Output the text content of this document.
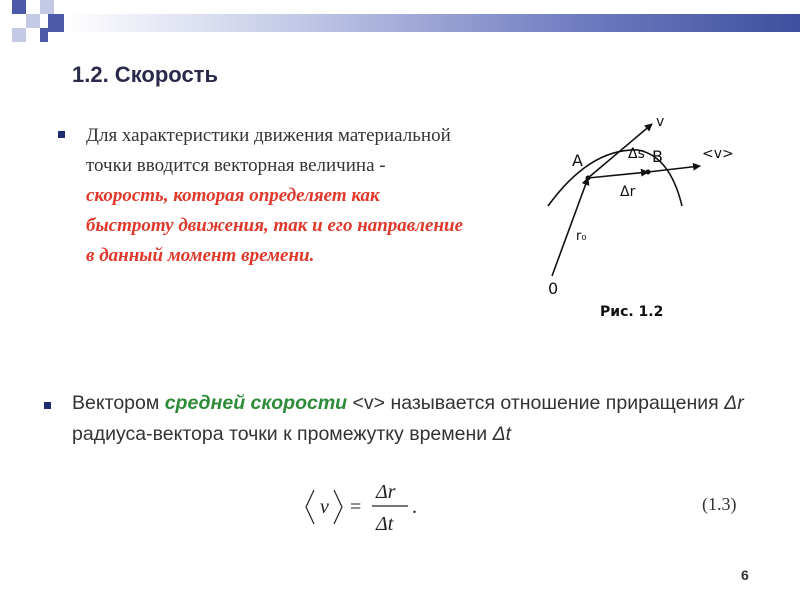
1.2. Скорость
Для характеристики движения материальной точки вводится векторная величина - скорость, которая определяет как быстроту движения, так и его направление в данный момент времени.
v
A	Δs B	<v>
Δr
r₀
0
Рис. 1.2
Вектором средней скорости <v> называется отношение приращения Δr радиуса-вектора точки к промежутку времени Δt
v =
Δr
Δt
.	(1.3)
6
